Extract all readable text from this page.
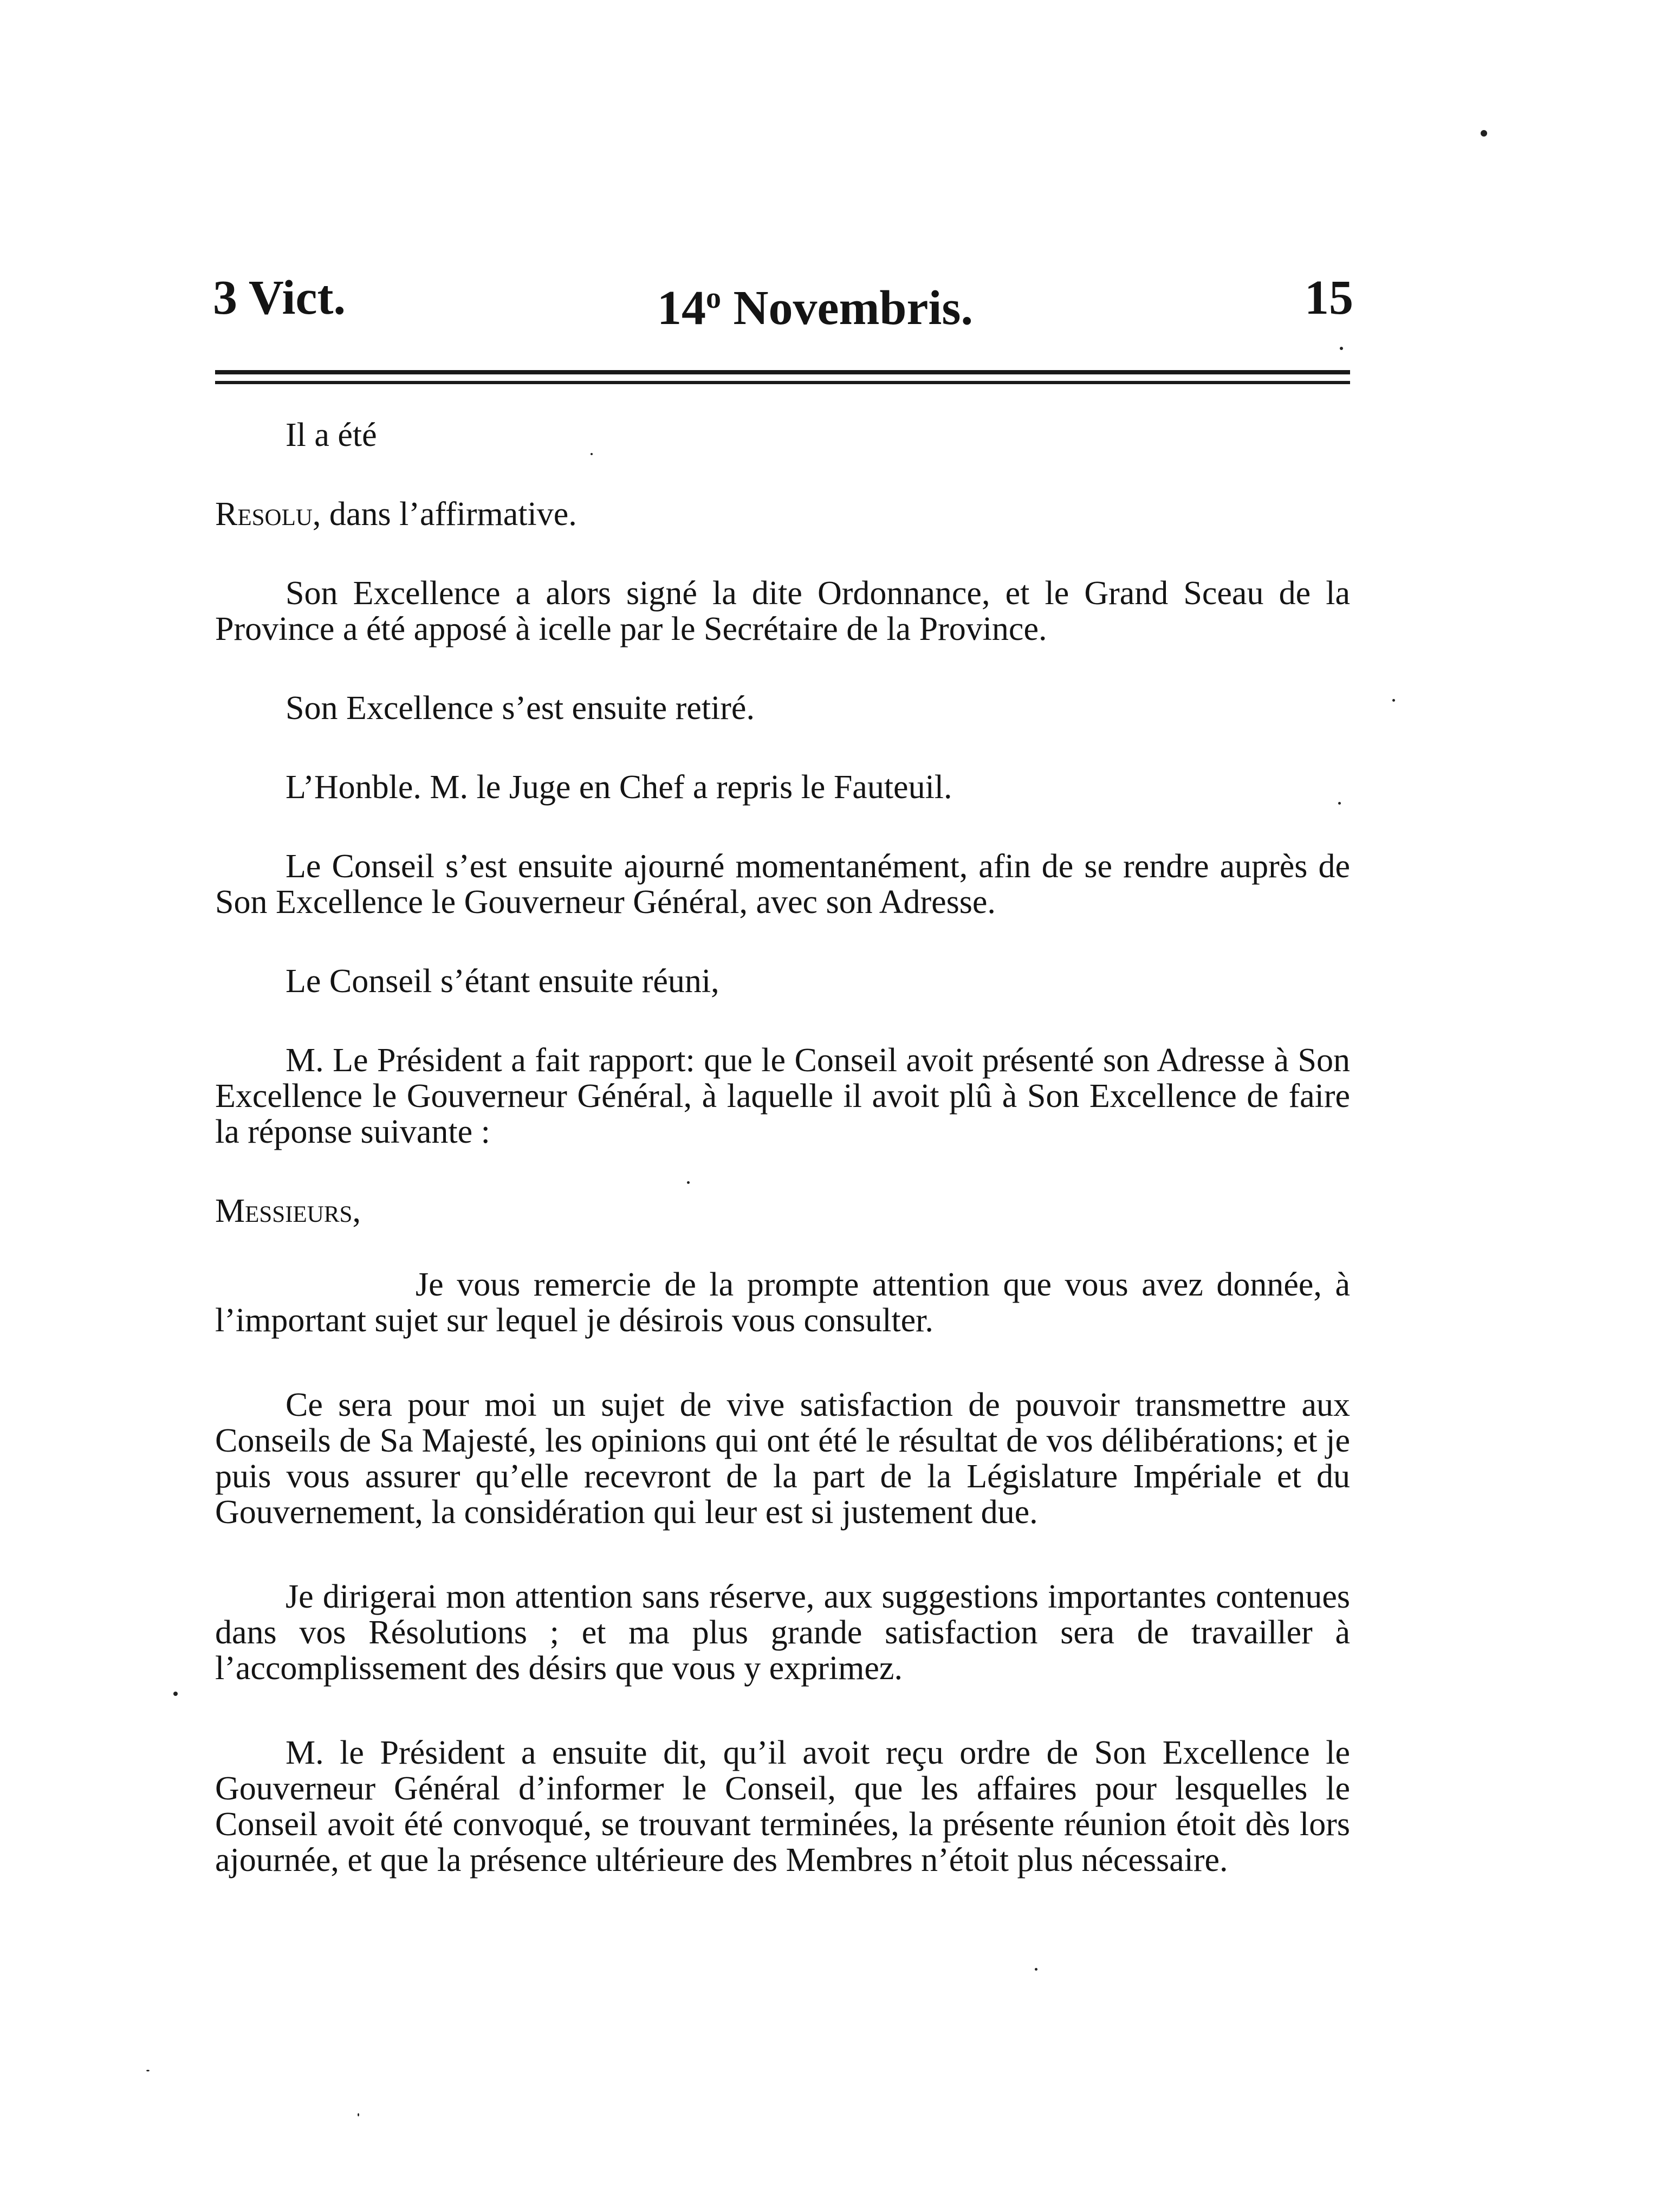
3 Vict.	14$^o$ Novembris.	15

Il a été

Resolu, dans l’affirmative.

Son Excellence a alors signé la dite Ordonnance, et le Grand Sceau de la Province a été apposé à icelle par le Secrétaire de la Province.

Son Excellence s’est ensuite retiré.

L’Honble. M. le Juge en Chef a repris le Fauteuil.

Le Conseil s’est ensuite ajourné momentanément, afin de se rendre auprès de Son Excellence le Gouverneur Général, avec son Adresse.

Le Conseil s’étant ensuite réuni,

M. Le Président a fait rapport: que le Conseil avoit présenté son Adresse à Son Excellence le Gouverneur Général, à laquelle il avoit plû à Son Excellence de faire la réponse suivante :

Messieurs,

Je vous remercie de la prompte attention que vous avez donnée, à l’important sujet sur lequel je désirois vous consulter.

Ce sera pour moi un sujet de vive satisfaction de pouvoir transmettre aux Conseils de Sa Majesté, les opinions qui ont été le résultat de vos délibérations; et je puis vous assurer qu’elle recevront de la part de la Législature Impériale et du Gouvernement, la considération qui leur est si justement due.

Je dirigerai mon attention sans réserve, aux suggestions importantes contenues dans vos Résolutions ; et ma plus grande satisfaction sera de travailler à l’accomplissement des désirs que vous y exprimez.

M. le Président a ensuite dit, qu’il avoit reçu ordre de Son Excellence le Gouverneur Général d’informer le Conseil, que les affaires pour lesquelles le Conseil avoit été convoqué, se trouvant terminées, la présente réunion étoit dès lors ajournée, et que la présence ultérieure des Membres n’étoit plus nécessaire.
